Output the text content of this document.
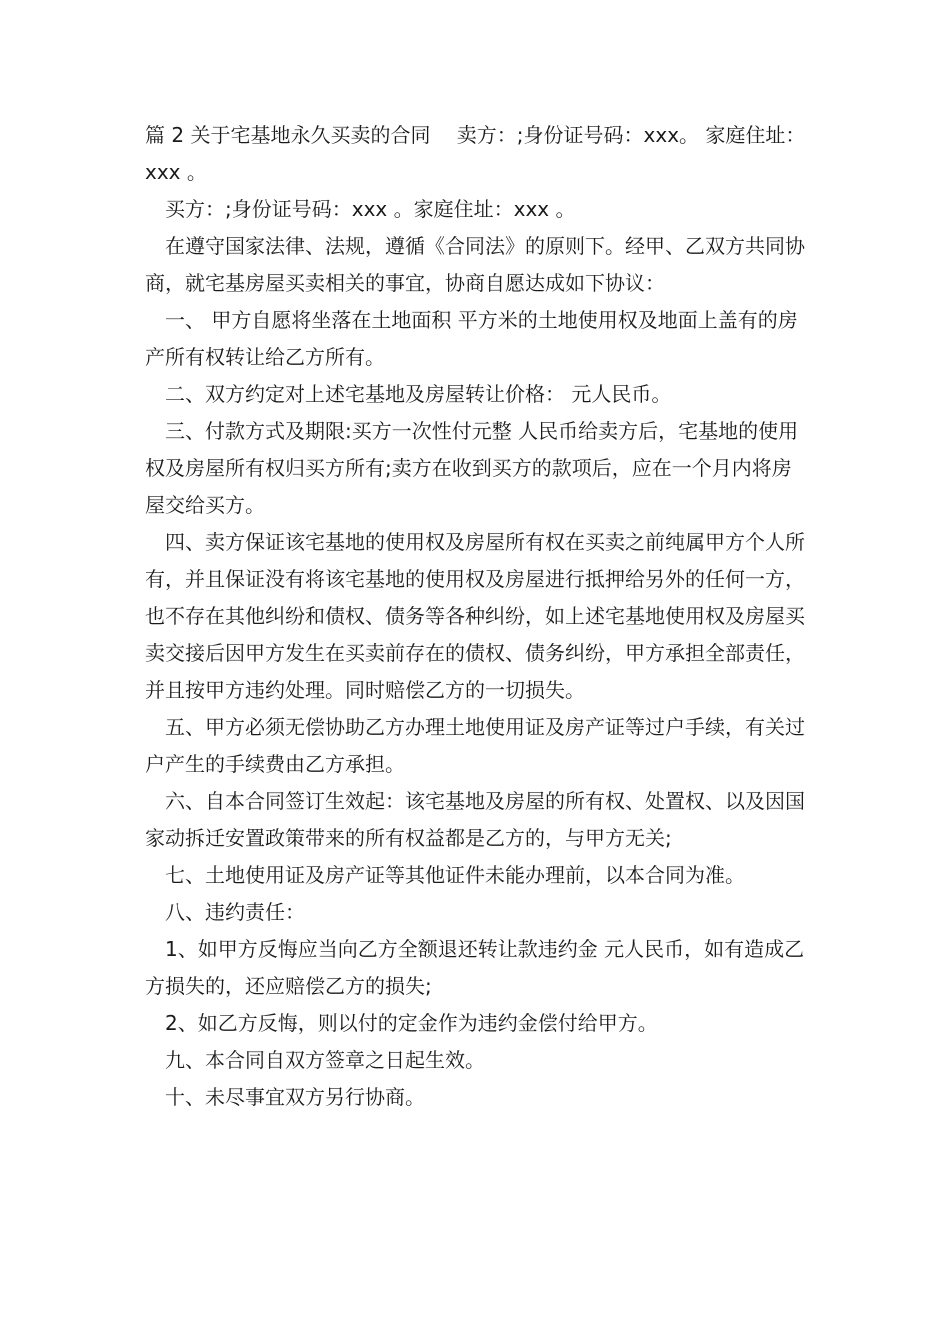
篇 2 关于宅基地永久买卖的合同　 卖方：;身份证号码：xxx。 家庭住址：xxx 。

买方：;身份证号码：xxx 。家庭住址：xxx 。

在遵守国家法律、法规，遵循《合同法》的原则下。经甲、乙双方共同协商，就宅基房屋买卖相关的事宜，协商自愿达成如下协议：

一、 甲方自愿将坐落在土地面积 平方米的土地使用权及地面上盖有的房产所有权转让给乙方所有。

二、双方约定对上述宅基地及房屋转让价格： 元人民币。

三、付款方式及期限:买方一次性付元整 人民币给卖方后，宅基地的使用权及房屋所有权归买方所有;卖方在收到买方的款项后，应在一个月内将房屋交给买方。

四、卖方保证该宅基地的使用权及房屋所有权在买卖之前纯属甲方个人所有，并且保证没有将该宅基地的使用权及房屋进行抵押给另外的任何一方，也不存在其他纠纷和债权、债务等各种纠纷，如上述宅基地使用权及房屋买卖交接后因甲方发生在买卖前存在的债权、债务纠纷，甲方承担全部责任，并且按甲方违约处理。同时赔偿乙方的一切损失。

五、甲方必须无偿协助乙方办理土地使用证及房产证等过户手续，有关过户产生的手续费由乙方承担。

六、自本合同签订生效起：该宅基地及房屋的所有权、处置权、以及因国家动拆迁安置政策带来的所有权益都是乙方的，与甲方无关;

七、土地使用证及房产证等其他证件未能办理前，以本合同为准。

八、违约责任：

1、如甲方反悔应当向乙方全额退还转让款违约金 元人民币，如有造成乙方损失的，还应赔偿乙方的损失;

2、如乙方反悔，则以付的定金作为违约金偿付给甲方。

九、本合同自双方签章之日起生效。

十、未尽事宜双方另行协商。
